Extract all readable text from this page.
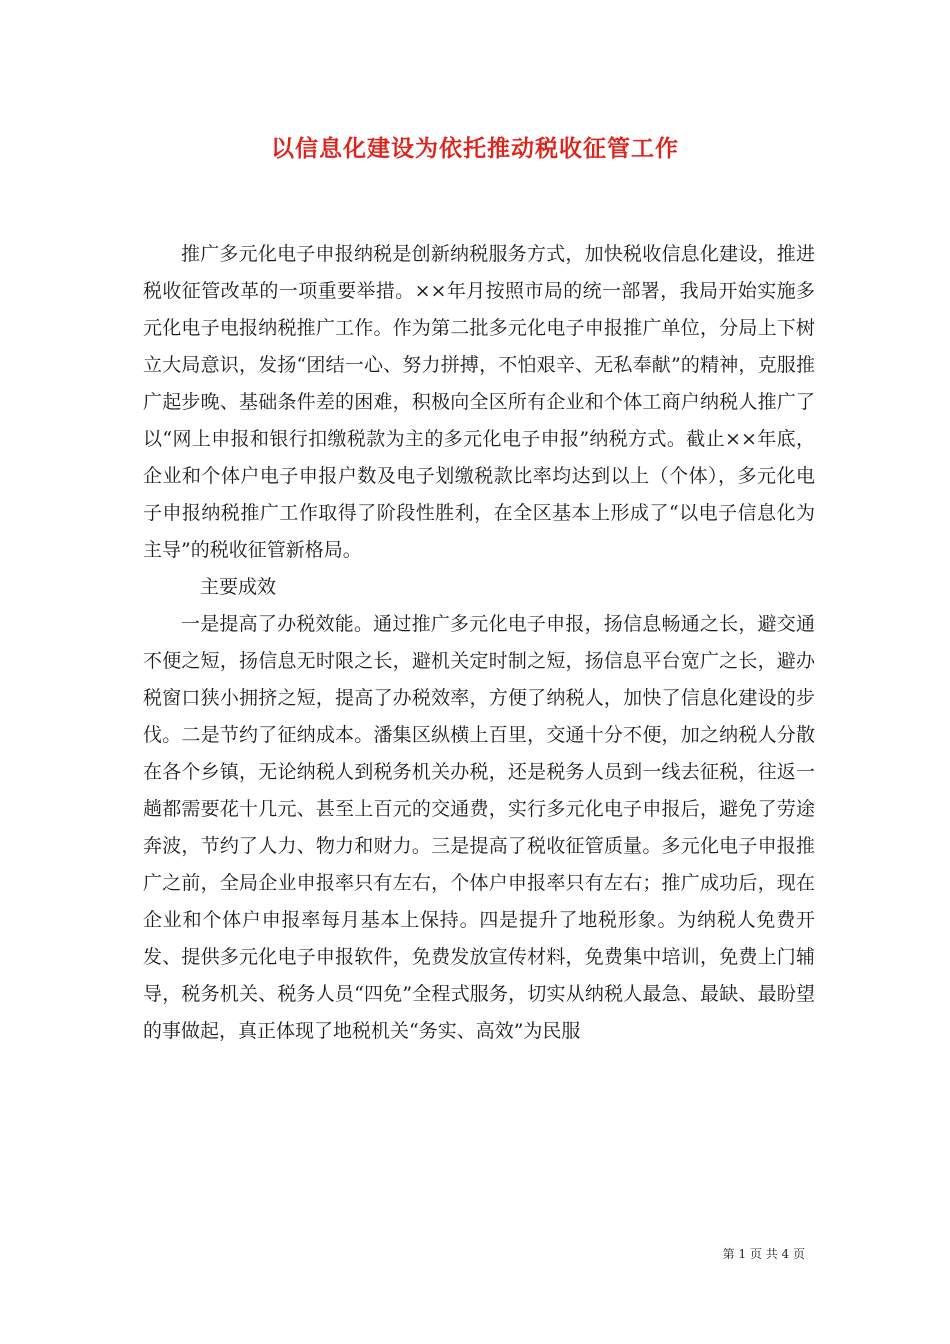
以信息化建设为依托推动税收征管工作

推广多元化电子申报纳税是创新纳税服务方式，加快税收信息化建设，推进税收征管改革的一项重要举措。××年月按照市局的统一部署，我局开始实施多元化电子电报纳税推广工作。作为第二批多元化电子申报推广单位，分局上下树立大局意识，发扬“团结一心、努力拼搏，不怕艰辛、无私奉献”的精神，克服推广起步晚、基础条件差的困难，积极向全区所有企业和个体工商户纳税人推广了以“网上申报和银行扣缴税款为主的多元化电子申报”纳税方式。截止××年底，企业和个体户电子申报户数及电子划缴税款比率均达到以上（个体），多元化电子申报纳税推广工作取得了阶段性胜利，在全区基本上形成了“以电子信息化为主导”的税收征管新格局。

主要成效

一是提高了办税效能。通过推广多元化电子申报，扬信息畅通之长，避交通不便之短，扬信息无时限之长，避机关定时制之短，扬信息平台宽广之长，避办税窗口狭小拥挤之短，提高了办税效率，方便了纳税人，加快了信息化建设的步伐。二是节约了征纳成本。潘集区纵横上百里，交通十分不便，加之纳税人分散在各个乡镇，无论纳税人到税务机关办税，还是税务人员到一线去征税，往返一趟都需要花十几元、甚至上百元的交通费，实行多元化电子申报后，避免了劳途奔波，节约了人力、物力和财力。三是提高了税收征管质量。多元化电子申报推广之前，全局企业申报率只有左右，个体户申报率只有左右；推广成功后，现在企业和个体户申报率每月基本上保持。四是提升了地税形象。为纳税人免费开发、提供多元化电子申报软件，免费发放宣传材料，免费集中培训，免费上门辅导，税务机关、税务人员“四免”全程式服务，切实从纳税人最急、最缺、最盼望的事做起，真正体现了地税机关“务实、高效”为民服

第 1 页 共 4 页
